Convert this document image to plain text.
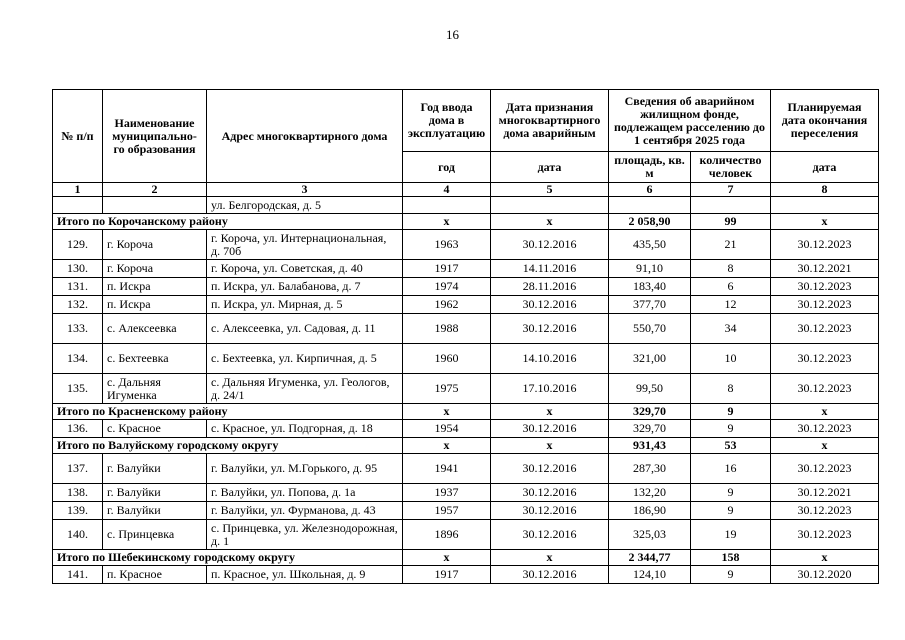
16
№ п/п	Наименование муниципально-го образования	Адрес многоквартирного дома	Год ввода дома в эксплуатацию	Дата признания многоквартирного дома аварийным	Сведения об аварийном жилищном фонде, подлежащем расселению до 1 сентября 2025 года		Планируемая дата окончания переселения
			год	дата	площадь, кв. м	количество человек	дата
1	2	3	4	5	6	7	8
		ул. Белгородская, д. 5					
Итого по Корочанскому району			x	x	2 058,90	99	x
129.	г. Короча	г. Короча, ул. Интернациональная, д. 70б	1963	30.12.2016	435,50	21	30.12.2023
130.	г. Короча	г. Короча, ул. Советская, д. 40	1917	14.11.2016	91,10	8	30.12.2021
131.	п. Искра	п. Искра, ул. Балабанова, д. 7	1974	28.11.2016	183,40	6	30.12.2023
132.	п. Искра	п. Искра, ул. Мирная, д. 5	1962	30.12.2016	377,70	12	30.12.2023
133.	с. Алексеевка	с. Алексеевка, ул. Садовая, д. 11	1988	30.12.2016	550,70	34	30.12.2023
134.	с. Бехтеевка	с. Бехтеевка, ул. Кирпичная, д. 5	1960	14.10.2016	321,00	10	30.12.2023
135.	с. Дальняя Игуменка	с. Дальняя Игуменка, ул. Геологов, д. 24/1	1975	17.10.2016	99,50	8	30.12.2023
Итого по Красненскому району			x	x	329,70	9	x
136.	с. Красное	с. Красное, ул. Подгорная, д. 18	1954	30.12.2016	329,70	9	30.12.2023
Итого по Валуйскому городскому округу			x	x	931,43	53	x
137.	г. Валуйки	г. Валуйки, ул. М.Горького, д. 95	1941	30.12.2016	287,30	16	30.12.2023
138.	г. Валуйки	г. Валуйки, ул. Попова, д. 1а	1937	30.12.2016	132,20	9	30.12.2021
139.	г. Валуйки	г. Валуйки, ул. Фурманова, д. 43	1957	30.12.2016	186,90	9	30.12.2023
140.	с. Принцевка	с. Принцевка, ул. Железнодорожная, д. 1	1896	30.12.2016	325,03	19	30.12.2023
Итого по Шебекинскому городскому округу			x	x	2 344,77	158	x
141.	п. Красное	п. Красное, ул. Школьная, д. 9	1917	30.12.2016	124,10	9	30.12.2020
